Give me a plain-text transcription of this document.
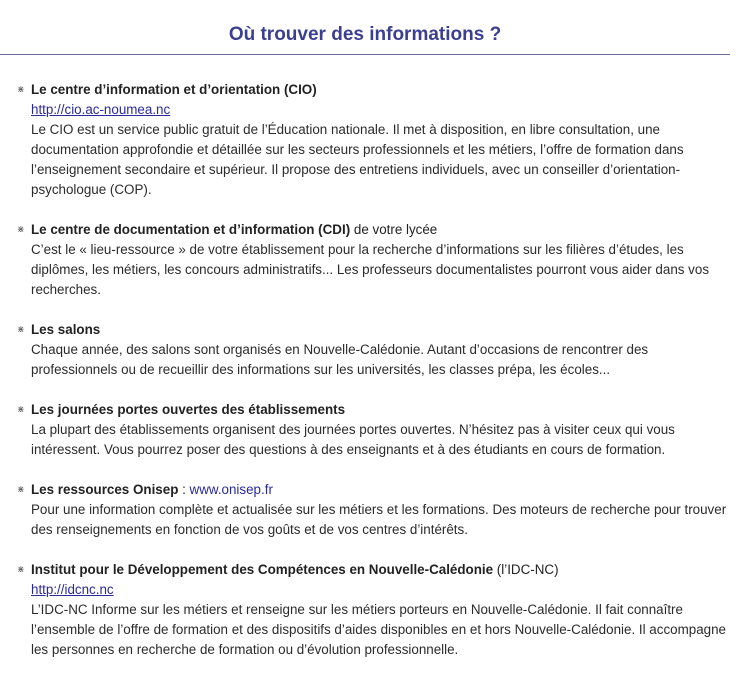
Où trouver des informations ?
⋇ Le centre d’information et d’orientation (CIO)
http://cio.ac-noumea.nc
Le CIO est un service public gratuit de l’Éducation nationale. Il met à disposition, en libre consultation, une documentation approfondie et détaillée sur les secteurs professionnels et les métiers, l’offre de formation dans l’enseignement secondaire et supérieur. Il propose des entretiens individuels, avec un conseiller d’orientation-psychologue (COP).
⋇ Le centre de documentation et d’information (CDI) de votre lycée
C’est le « lieu-ressource » de votre établissement pour la recherche d’informations sur les filières d’études, les diplômes, les métiers, les concours administratifs... Les professeurs documentalistes pourront vous aider dans vos recherches.
⋇ Les salons
Chaque année, des salons sont organisés en Nouvelle-Calédonie. Autant d’occasions de rencontrer des professionnels ou de recueillir des informations sur les universités, les classes prépa, les écoles...
⋇ Les journées portes ouvertes des établissements
La plupart des établissements organisent des journées portes ouvertes. N’hésitez pas à visiter ceux qui vous intéressent. Vous pourrez poser des questions à des enseignants et à des étudiants en cours de formation.
⋇ Les ressources Onisep : www.onisep.fr
Pour une information complète et actualisée sur les métiers et les formations. Des moteurs de recherche pour trouver des renseignements en fonction de vos goûts et de vos centres d’intérêts.
⋇ Institut pour le Développement des Compétences en Nouvelle-Calédonie (l’IDC-NC)
http://idcnc.nc
L’IDC-NC Informe sur les métiers et renseigne sur les métiers porteurs en Nouvelle-Calédonie. Il fait connaître l’ensemble de l’offre de formation et des dispositifs d’aides disponibles en et hors Nouvelle-Calédonie. Il accompagne les personnes en recherche de formation ou d’évolution professionnelle.
